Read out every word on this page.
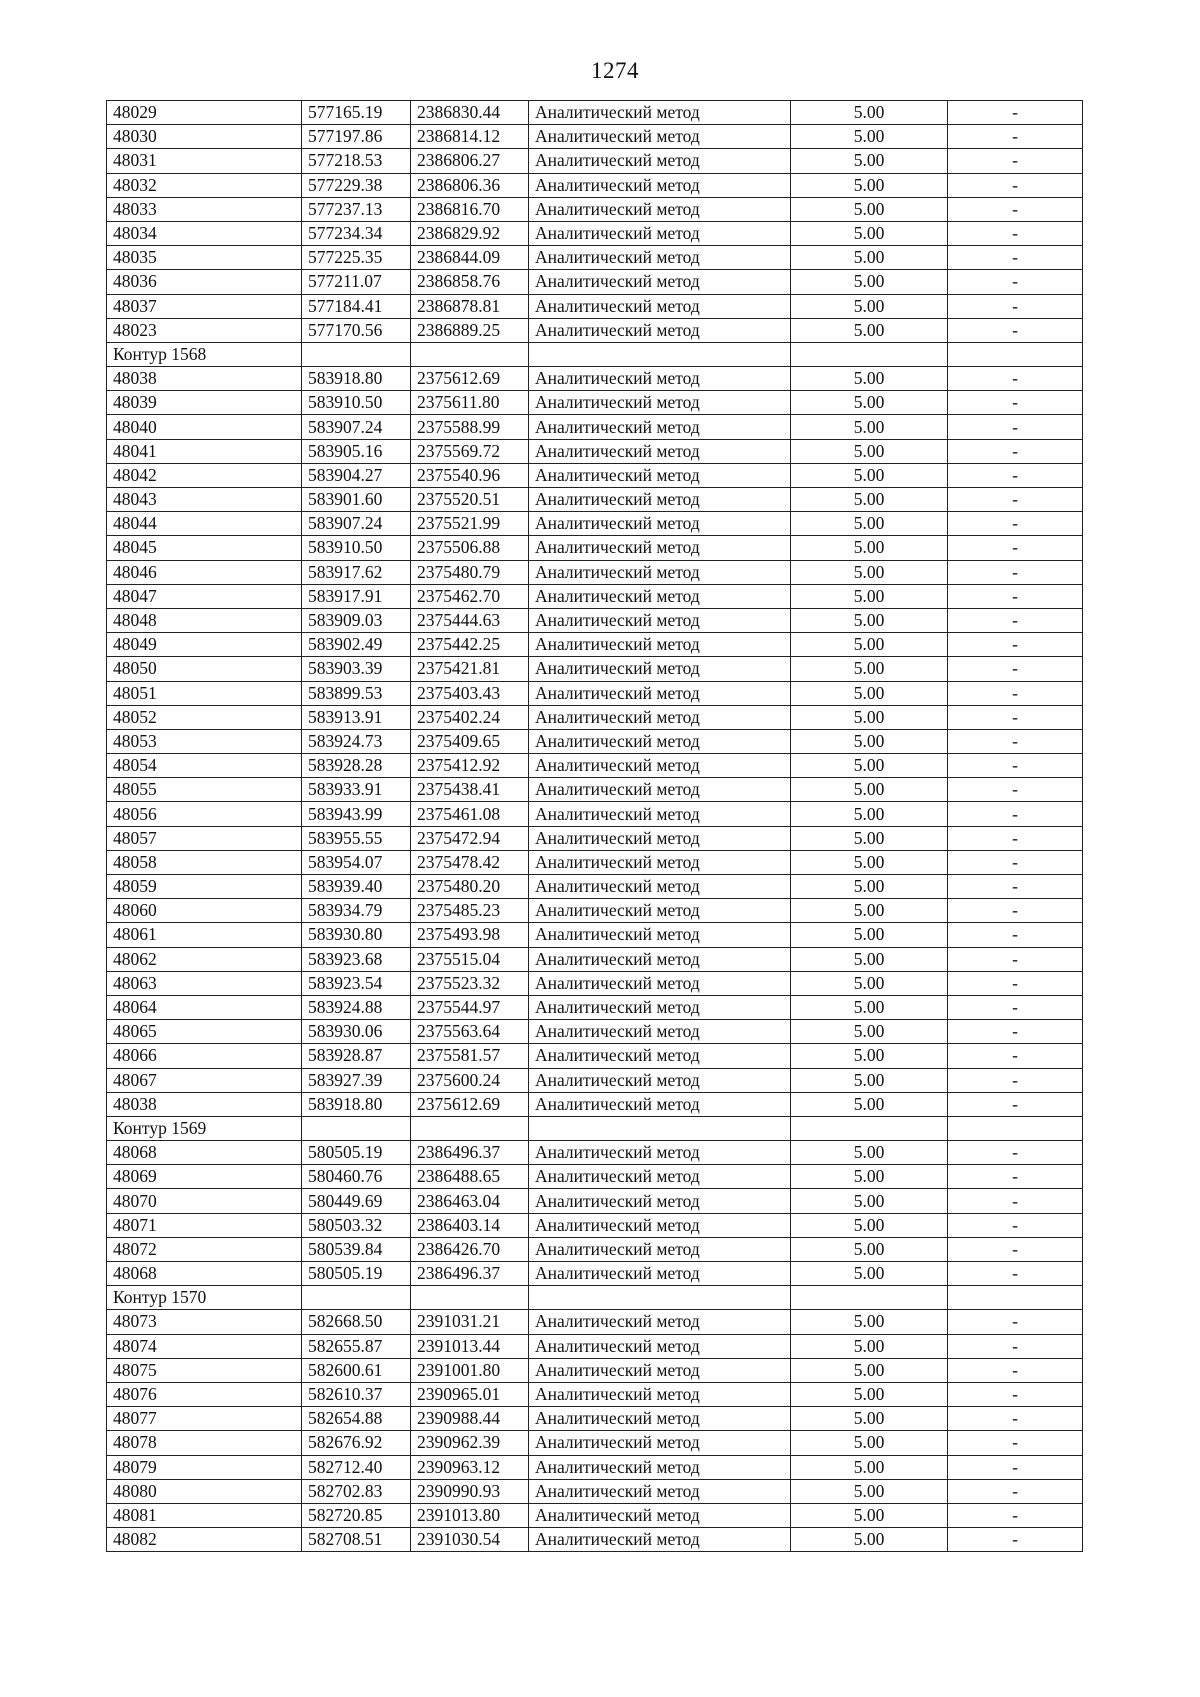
1274
48029	577165.19	2386830.44	Аналитический метод	5.00	-
48030	577197.86	2386814.12	Аналитический метод	5.00	-
48031	577218.53	2386806.27	Аналитический метод	5.00	-
48032	577229.38	2386806.36	Аналитический метод	5.00	-
48033	577237.13	2386816.70	Аналитический метод	5.00	-
48034	577234.34	2386829.92	Аналитический метод	5.00	-
48035	577225.35	2386844.09	Аналитический метод	5.00	-
48036	577211.07	2386858.76	Аналитический метод	5.00	-
48037	577184.41	2386878.81	Аналитический метод	5.00	-
48023	577170.56	2386889.25	Аналитический метод	5.00	-
Контур 1568					
48038	583918.80	2375612.69	Аналитический метод	5.00	-
48039	583910.50	2375611.80	Аналитический метод	5.00	-
48040	583907.24	2375588.99	Аналитический метод	5.00	-
48041	583905.16	2375569.72	Аналитический метод	5.00	-
48042	583904.27	2375540.96	Аналитический метод	5.00	-
48043	583901.60	2375520.51	Аналитический метод	5.00	-
48044	583907.24	2375521.99	Аналитический метод	5.00	-
48045	583910.50	2375506.88	Аналитический метод	5.00	-
48046	583917.62	2375480.79	Аналитический метод	5.00	-
48047	583917.91	2375462.70	Аналитический метод	5.00	-
48048	583909.03	2375444.63	Аналитический метод	5.00	-
48049	583902.49	2375442.25	Аналитический метод	5.00	-
48050	583903.39	2375421.81	Аналитический метод	5.00	-
48051	583899.53	2375403.43	Аналитический метод	5.00	-
48052	583913.91	2375402.24	Аналитический метод	5.00	-
48053	583924.73	2375409.65	Аналитический метод	5.00	-
48054	583928.28	2375412.92	Аналитический метод	5.00	-
48055	583933.91	2375438.41	Аналитический метод	5.00	-
48056	583943.99	2375461.08	Аналитический метод	5.00	-
48057	583955.55	2375472.94	Аналитический метод	5.00	-
48058	583954.07	2375478.42	Аналитический метод	5.00	-
48059	583939.40	2375480.20	Аналитический метод	5.00	-
48060	583934.79	2375485.23	Аналитический метод	5.00	-
48061	583930.80	2375493.98	Аналитический метод	5.00	-
48062	583923.68	2375515.04	Аналитический метод	5.00	-
48063	583923.54	2375523.32	Аналитический метод	5.00	-
48064	583924.88	2375544.97	Аналитический метод	5.00	-
48065	583930.06	2375563.64	Аналитический метод	5.00	-
48066	583928.87	2375581.57	Аналитический метод	5.00	-
48067	583927.39	2375600.24	Аналитический метод	5.00	-
48038	583918.80	2375612.69	Аналитический метод	5.00	-
Контур 1569					
48068	580505.19	2386496.37	Аналитический метод	5.00	-
48069	580460.76	2386488.65	Аналитический метод	5.00	-
48070	580449.69	2386463.04	Аналитический метод	5.00	-
48071	580503.32	2386403.14	Аналитический метод	5.00	-
48072	580539.84	2386426.70	Аналитический метод	5.00	-
48068	580505.19	2386496.37	Аналитический метод	5.00	-
Контур 1570					
48073	582668.50	2391031.21	Аналитический метод	5.00	-
48074	582655.87	2391013.44	Аналитический метод	5.00	-
48075	582600.61	2391001.80	Аналитический метод	5.00	-
48076	582610.37	2390965.01	Аналитический метод	5.00	-
48077	582654.88	2390988.44	Аналитический метод	5.00	-
48078	582676.92	2390962.39	Аналитический метод	5.00	-
48079	582712.40	2390963.12	Аналитический метод	5.00	-
48080	582702.83	2390990.93	Аналитический метод	5.00	-
48081	582720.85	2391013.80	Аналитический метод	5.00	-
48082	582708.51	2391030.54	Аналитический метод	5.00	-
